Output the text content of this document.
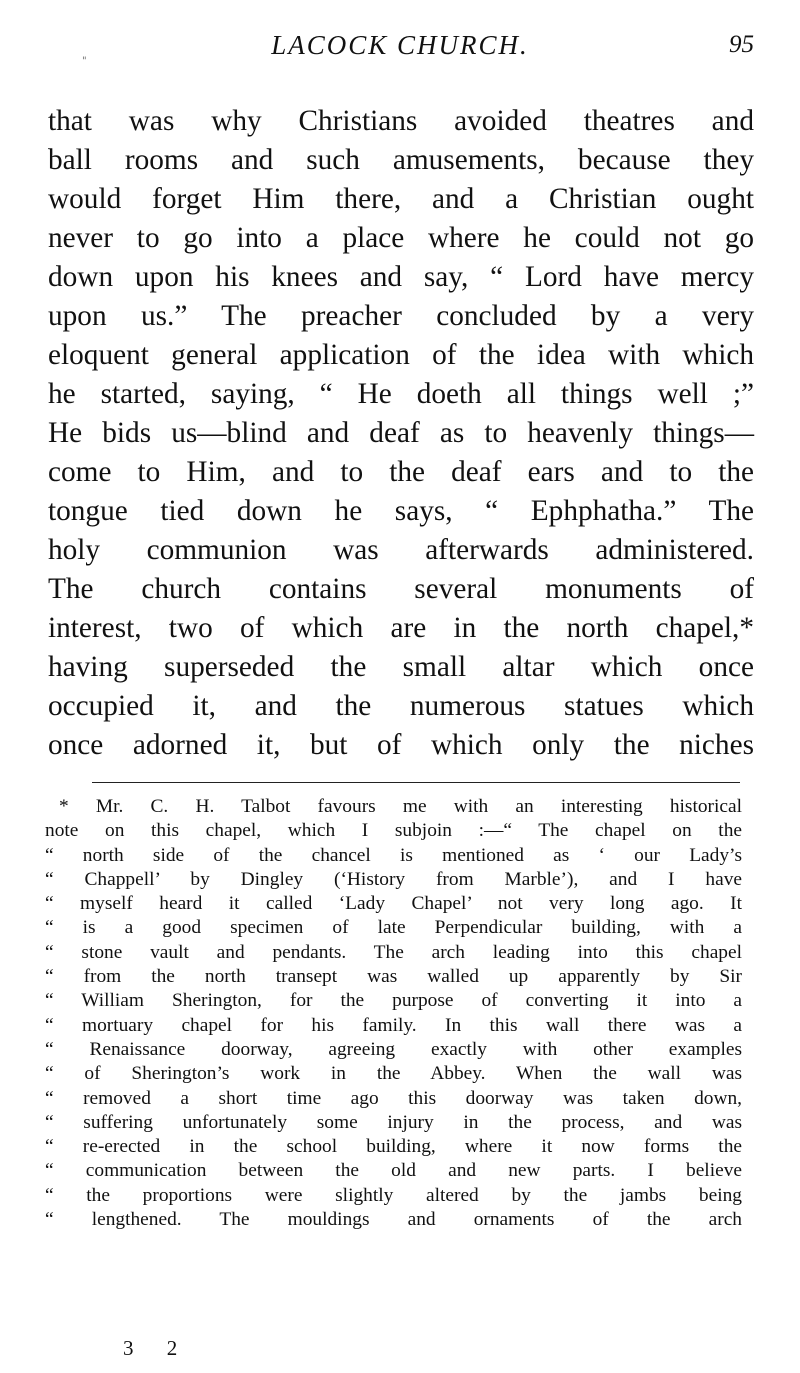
"
LACOCK CHURCH.	95
that was why Christians avoided theatres and
ball rooms and such amusements, because they
would forget Him there, and a Christian ought
never to go into a place where he could not go
down upon his knees and say, “ Lord have mercy
upon us.” The preacher concluded by a very
eloquent general application of the idea with which
he started, saying, “ He doeth all things well ;”
He bids us—blind and deaf as to heavenly things—
come to Him, and to the deaf ears and to the
tongue tied down he says, “ Ephphatha.” The
holy communion was afterwards administered.
The church contains several monuments of
interest, two of which are in the north chapel,*
having superseded the small altar which once
occupied it, and the numerous statues which
once adorned it, but of which only the niches
* Mr. C. H. Talbot favours me with an interesting historical
note on this chapel, which I subjoin :—“ The chapel on the
“ north side of the chancel is mentioned as ‘ our Lady’s
“ Chappell’ by Dingley (‘History from Marble’), and I have
“ myself heard it called ‘Lady Chapel’ not very long ago. It
“ is a good specimen of late Perpendicular building, with a
“ stone vault and pendants. The arch leading into this chapel
“ from the north transept was walled up apparently by Sir
“ William Sherington, for the purpose of converting it into a
“ mortuary chapel for his family. In this wall there was a
“ Renaissance doorway, agreeing exactly with other examples
“ of Sherington’s work in the Abbey. When the wall was
“ removed a short time ago this doorway was taken down,
“ suffering unfortunately some injury in the process, and was
“ re-erected in the school building, where it now forms the
“ communication between the old and new parts. I believe
“ the proportions were slightly altered by the jambs being
“ lengthened. The mouldings and ornaments of the arch
3 2
